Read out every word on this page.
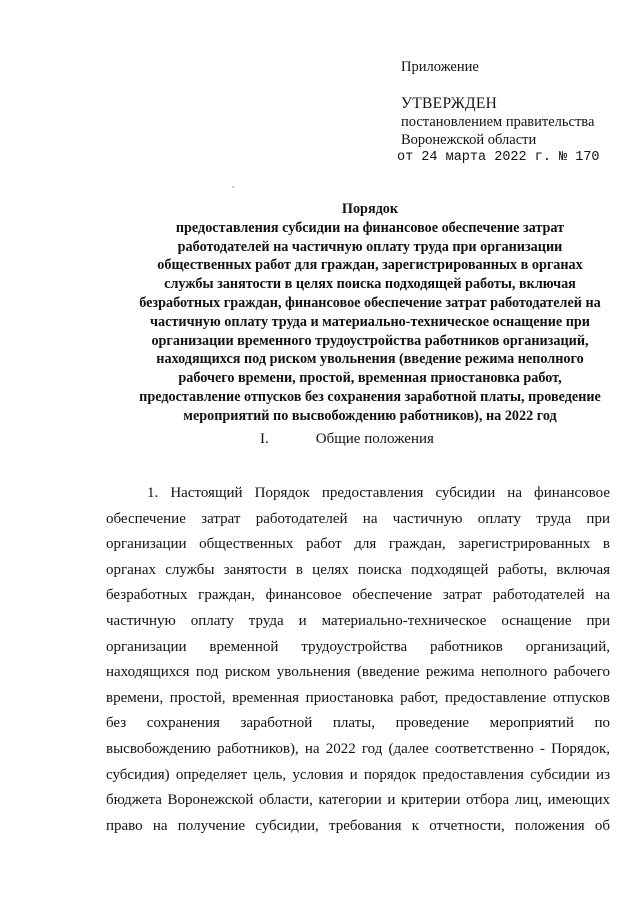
Приложение
УТВЕРЖДЕН
постановлением правительства
Воронежской области
от 24 марта 2022 г. № 170
Порядок
предоставления субсидии на финансовое обеспечение затрат
работодателей на частичную оплату труда при организации
общественных работ для граждан, зарегистрированных в органах
службы занятости в целях поиска подходящей работы, включая
безработных граждан, финансовое обеспечение затрат работодателей на
частичную оплату труда и материально-техническое оснащение при
организации временного трудоустройства работников организаций,
находящихся под риском увольнения (введение режима неполного
рабочего времени, простой, временная приостановка работ,
предоставление отпусков без сохранения заработной платы, проведение
мероприятий по высвобождению работников), на 2022 год
I.	Общие положения
1. Настоящий Порядок предоставления субсидии на финансовое
обеспечение затрат работодателей на частичную оплату труда при
организации общественных работ для граждан, зарегистрированных в
органах службы занятости в целях поиска подходящей работы, включая
безработных граждан, финансовое обеспечение затрат работодателей на
частичную оплату труда и материально-техническое оснащение при
организации временной трудоустройства работников организаций,
находящихся под риском увольнения (введение режима неполного рабочего
времени, простой, временная приостановка работ, предоставление отпусков
без сохранения заработной платы, проведение мероприятий по
высвобождению работников), на 2022 год (далее соответственно - Порядок,
субсидия) определяет цель, условия и порядок предоставления субсидии из
бюджета Воронежской области, категории и критерии отбора лиц, имеющих
право на получение субсидии, требования к отчетности, положения об
